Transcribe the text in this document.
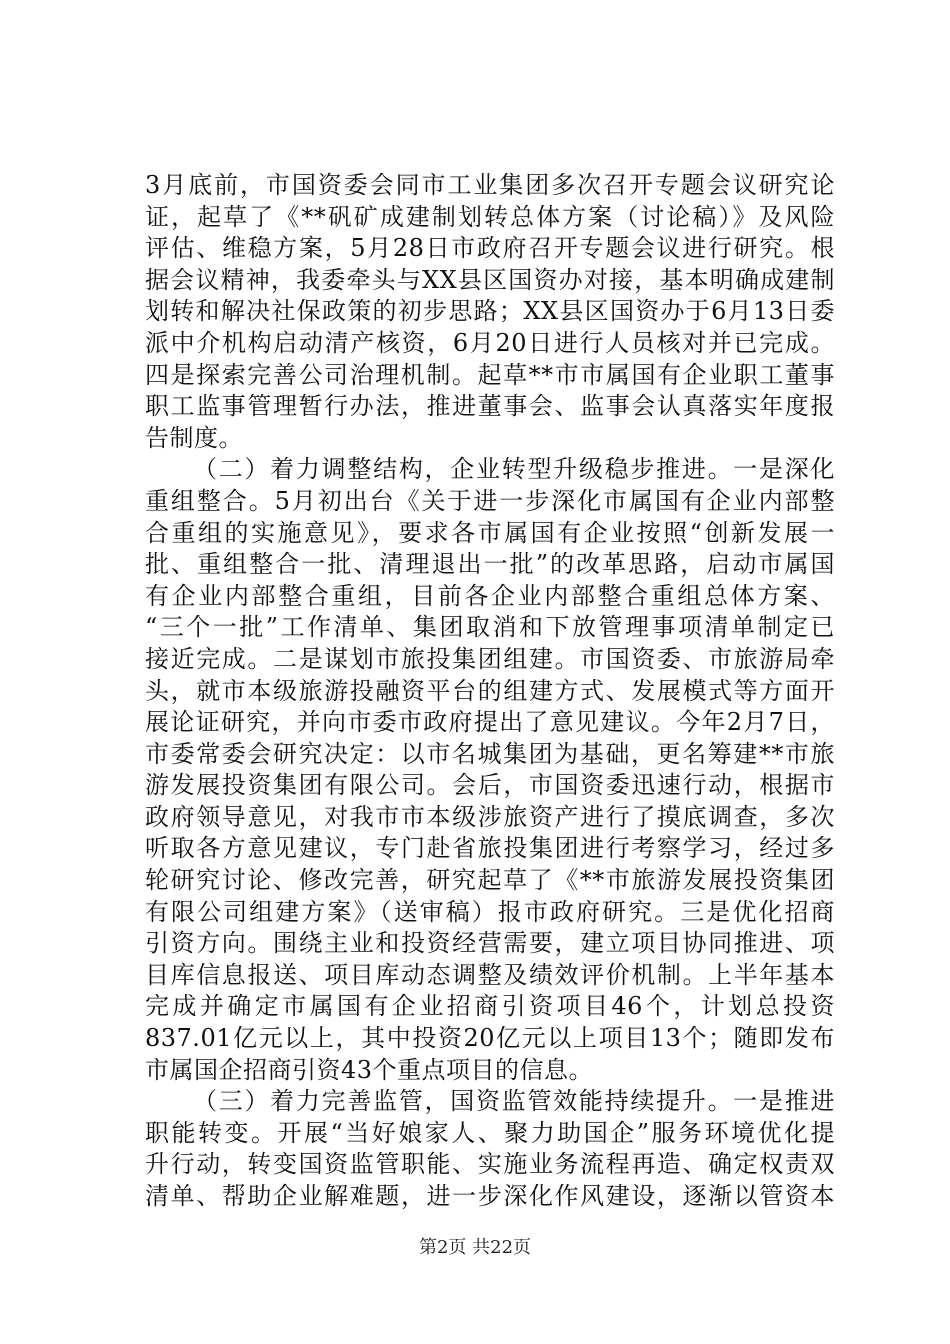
3月底前，市国资委会同市工业集团多次召开专题会议研究论
证，起草了《**矾矿成建制划转总体方案（讨论稿）》及风险
评估、维稳方案，5月28日市政府召开专题会议进行研究。根
据会议精神，我委牵头与XX县区国资办对接，基本明确成建制
划转和解决社保政策的初步思路；XX县区国资办于6月13日委
派中介机构启动清产核资，6月20日进行人员核对并已完成。
四是探索完善公司治理机制。起草**市市属国有企业职工董事
职工监事管理暂行办法，推进董事会、监事会认真落实年度报
告制度。
（二）着力调整结构，企业转型升级稳步推进。一是深化
重组整合。5月初出台《关于进一步深化市属国有企业内部整
合重组的实施意见》，要求各市属国有企业按照“创新发展一
批、重组整合一批、清理退出一批”的改革思路，启动市属国
有企业内部整合重组，目前各企业内部整合重组总体方案、
“三个一批”工作清单、集团取消和下放管理事项清单制定已
接近完成。二是谋划市旅投集团组建。市国资委、市旅游局牵
头，就市本级旅游投融资平台的组建方式、发展模式等方面开
展论证研究，并向市委市政府提出了意见建议。今年2月7日，
市委常委会研究决定：以市名城集团为基础，更名筹建**市旅
游发展投资集团有限公司。会后，市国资委迅速行动，根据市
政府领导意见，对我市市本级涉旅资产进行了摸底调查，多次
听取各方意见建议，专门赴省旅投集团进行考察学习，经过多
轮研究讨论、修改完善，研究起草了《**市旅游发展投资集团
有限公司组建方案》（送审稿）报市政府研究。三是优化招商
引资方向。围绕主业和投资经营需要，建立项目协同推进、项
目库信息报送、项目库动态调整及绩效评价机制。上半年基本
完成并确定市属国有企业招商引资项目46个，计划总投资
837.01亿元以上，其中投资20亿元以上项目13个；随即发布
市属国企招商引资43个重点项目的信息。
（三）着力完善监管，国资监管效能持续提升。一是推进
职能转变。开展“当好娘家人、聚力助国企”服务环境优化提
升行动，转变国资监管职能、实施业务流程再造、确定权责双
清单、帮助企业解难题，进一步深化作风建设，逐渐以管资本
第2页 共22页
